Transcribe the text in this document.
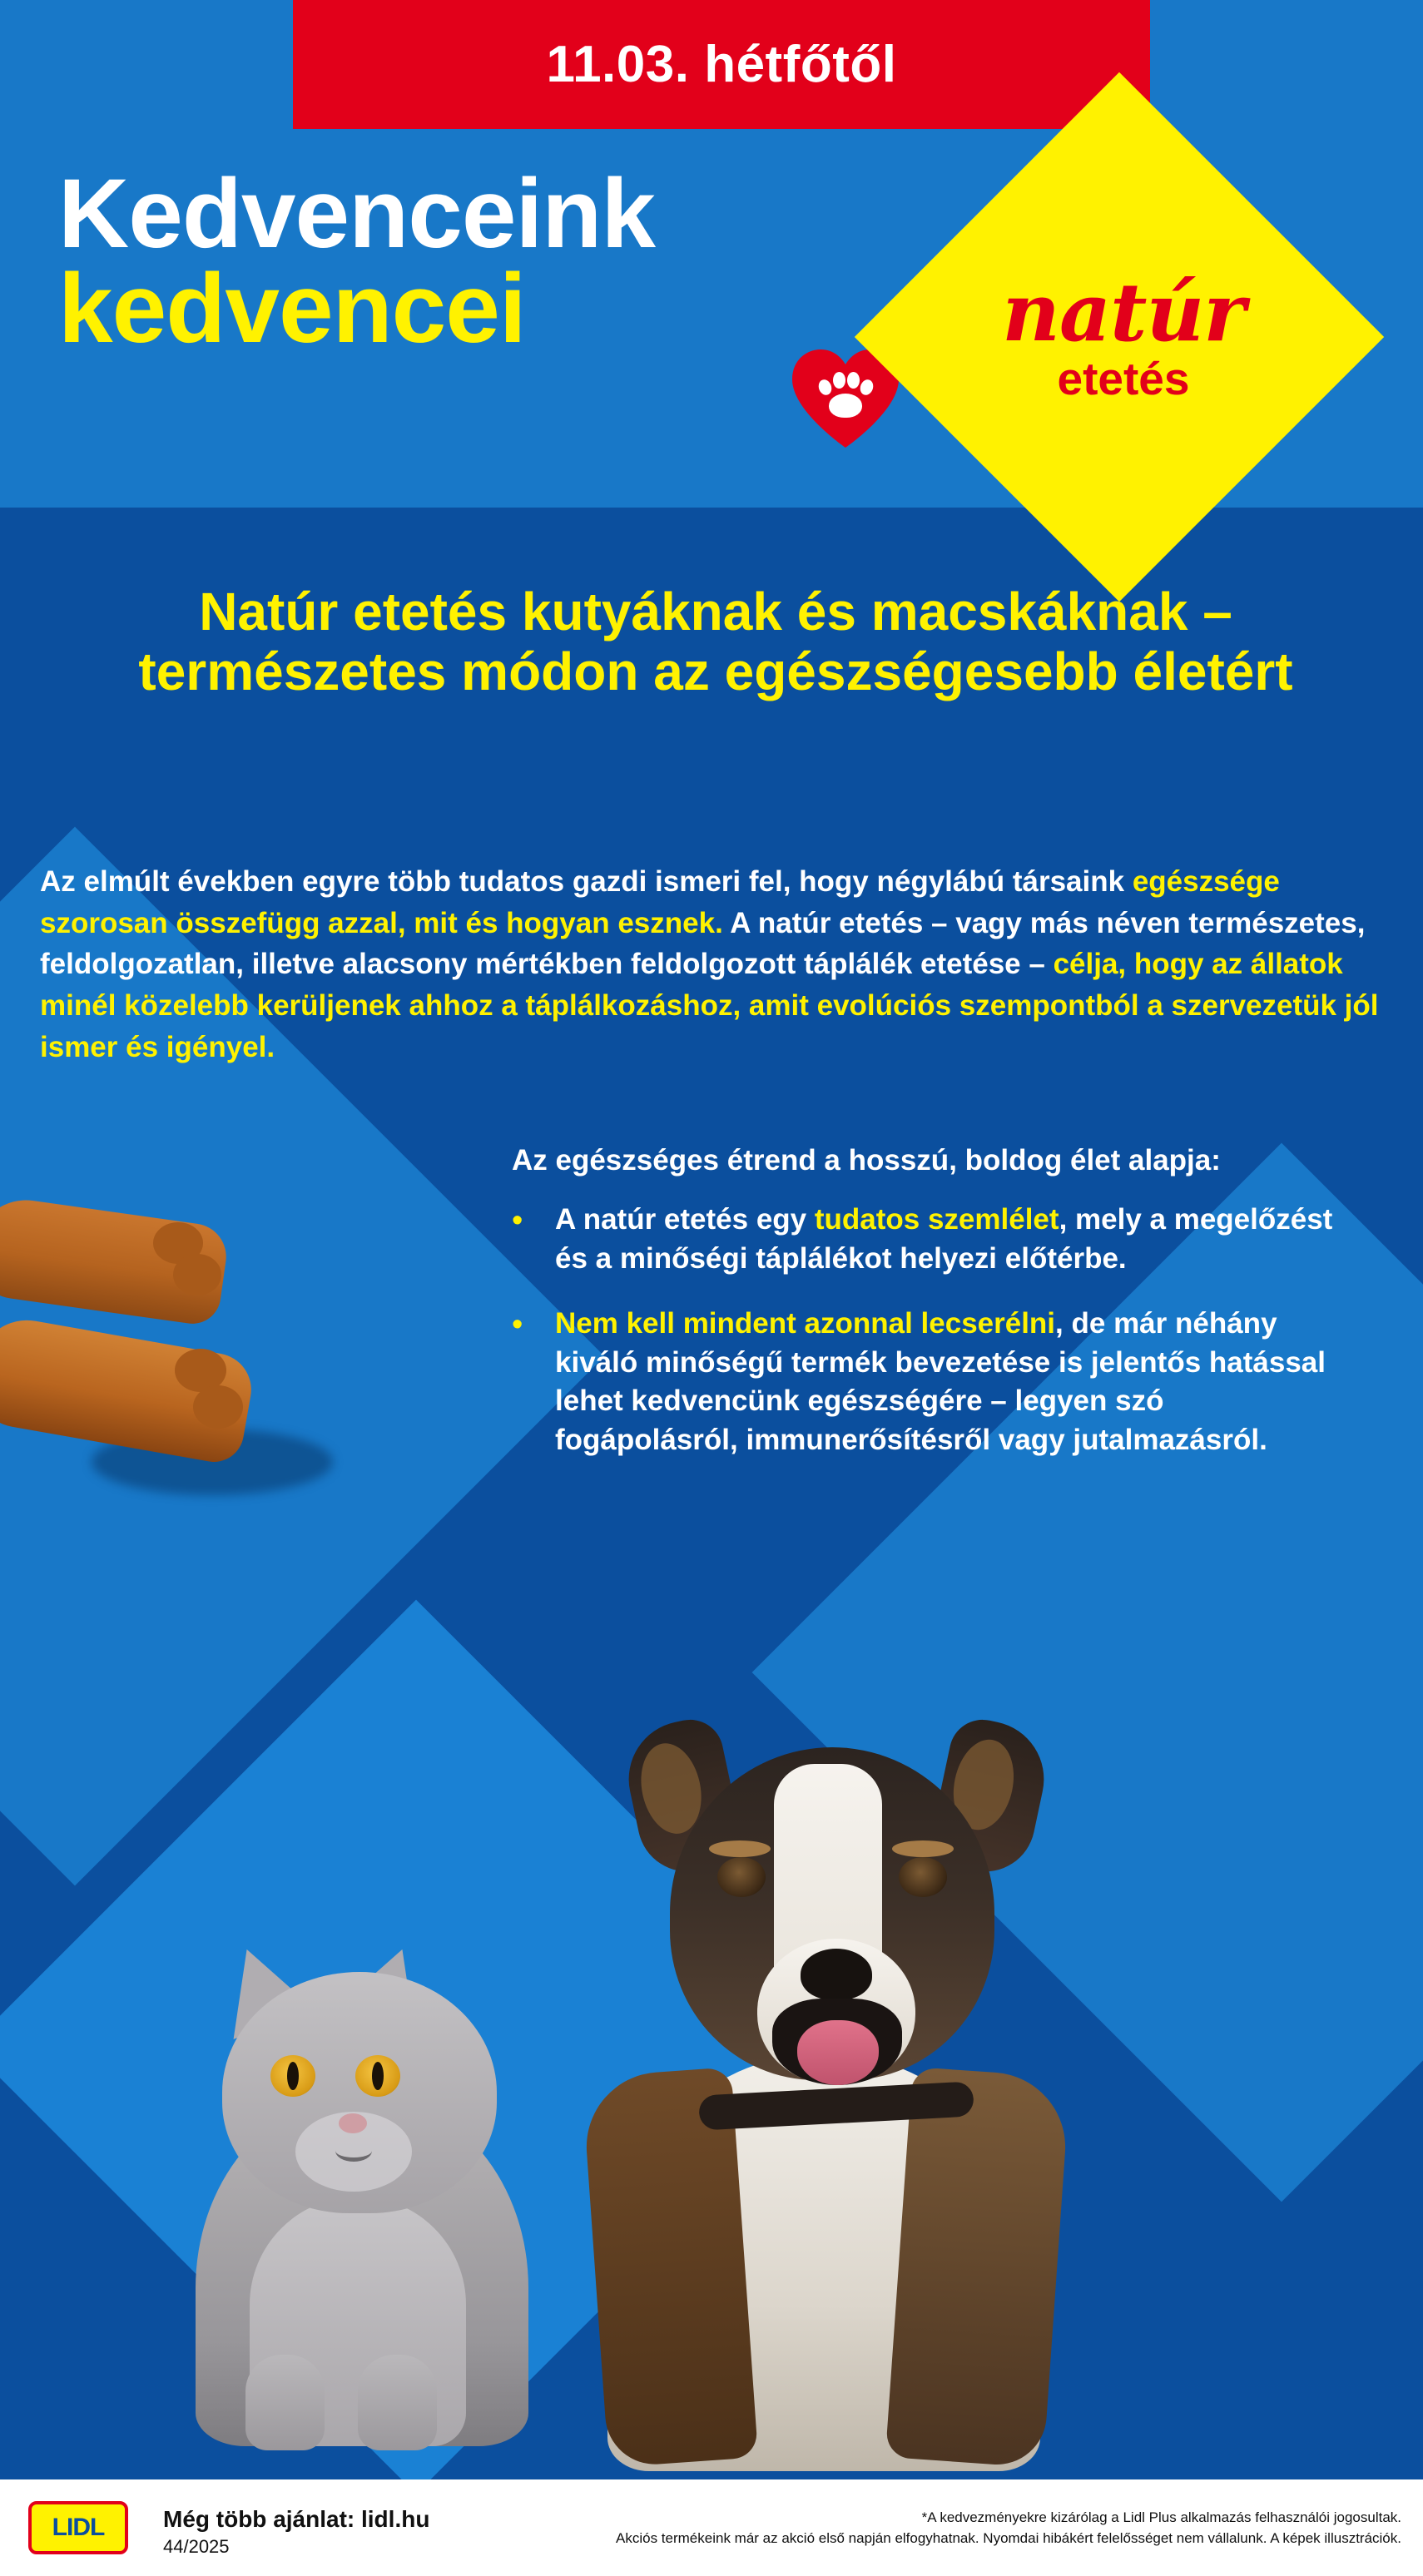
11.03. hétfőtől
Kedvenceink
kedvencei	natúr
etetés
Natúr etetés kutyáknak és macskáknak – természetes módon az egészségesebb életért
Az elmúlt években egyre több tudatos gazdi ismeri fel, hogy négylábú társaink egészsége szorosan összefügg azzal, mit és hogyan esznek. A natúr etetés – vagy más néven természetes, feldolgozatlan, illetve alacsony mértékben feldolgozott táplálék etetése – célja, hogy az állatok minél közelebb kerüljenek ahhoz a táplálkozáshoz, amit evolúciós szempontból a szervezetük jól ismer és igényel.
Az egészséges étrend a hosszú, boldog élet alapja:
•	A natúr etetés egy tudatos szemlélet, mely a megelőzést és a minőségi táplálékot helyezi előtérbe.
•	Nem kell mindent azonnal lecserélni, de már néhány kiváló minőségű termék bevezetése is jelentős hatással lehet kedvencünk egészségére – legyen szó fogápolásról, immunerősítésről vagy jutalmazásról.
LIDL	Még több ajánlat: lidl.hu
44/2025
*A kedvezményekre kizárólag a Lidl Plus alkalmazás felhasználói jogosultak.
Akciós termékeink már az akció első napján elfogyhatnak. Nyomdai hibákért felelősséget nem vállalunk. A képek illusztrációk.
